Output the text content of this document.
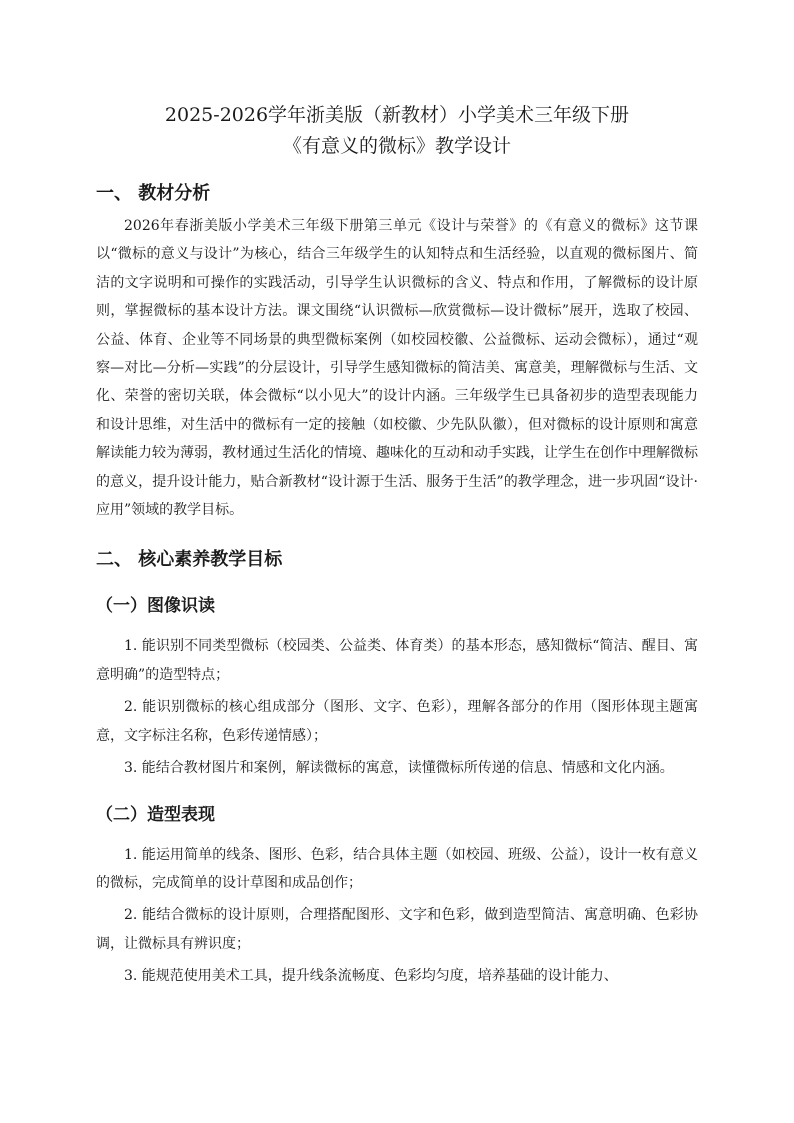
2025-2026学年浙美版（新教材）小学美术三年级下册

《有意义的微标》教学设计

一、 教材分析

2026年春浙美版小学美术三年级下册第三单元《设计与荣誉》的《有意义的微标》这节课以“微标的意义与设计”为核心，结合三年级学生的认知特点和生活经验，以直观的微标图片、简洁的文字说明和可操作的实践活动，引导学生认识微标的含义、特点和作用，了解微标的设计原则，掌握微标的基本设计方法。课文围绕“认识微标—欣赏微标—设计微标”展开，选取了校园、公益、体育、企业等不同场景的典型微标案例（如校园校徽、公益微标、运动会微标），通过“观察—对比—分析—实践”的分层设计，引导学生感知微标的简洁美、寓意美，理解微标与生活、文化、荣誉的密切关联，体会微标“以小见大”的设计内涵。三年级学生已具备初步的造型表现能力和设计思维，对生活中的微标有一定的接触（如校徽、少先队队徽），但对微标的设计原则和寓意解读能力较为薄弱，教材通过生活化的情境、趣味化的互动和动手实践，让学生在创作中理解微标的意义，提升设计能力，贴合新教材“设计源于生活、服务于生活”的教学理念，进一步巩固“设计·应用”领域的教学目标。

二、 核心素养教学目标
（一）图像识读

1. 能识别不同类型微标（校园类、公益类、体育类）的基本形态，感知微标“简洁、醒目、寓意明确”的造型特点；

2. 能识别微标的核心组成部分（图形、文字、色彩），理解各部分的作用（图形体现主题寓意，文字标注名称，色彩传递情感）；

3. 能结合教材图片和案例，解读微标的寓意，读懂微标所传递的信息、情感和文化内涵。

（二）造型表现

1. 能运用简单的线条、图形、色彩，结合具体主题（如校园、班级、公益），设计一枚有意义的微标，完成简单的设计草图和成品创作；

2. 能结合微标的设计原则，合理搭配图形、文字和色彩，做到造型简洁、寓意明确、色彩协调，让微标具有辨识度；

3. 能规范使用美术工具，提升线条流畅度、色彩均匀度，培养基础的设计能力、
